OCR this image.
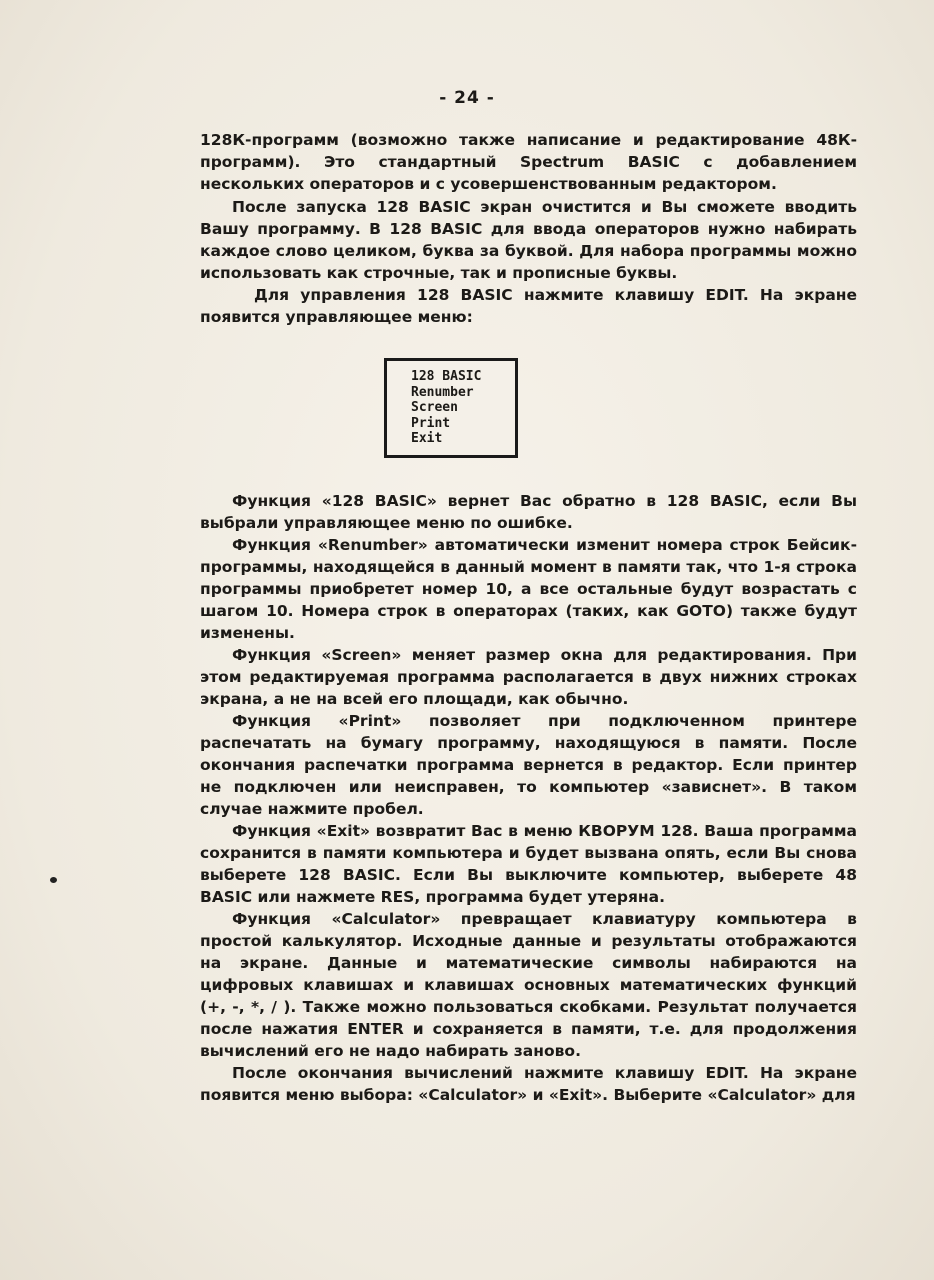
- 24 -

128К-программ (возможно также написание и редактирование 48К-программ). Это стандартный Spectrum BASIC с добавлением нескольких операторов и с усовершенствованным редактором.

После запуска 128 BASIC экран очистится и Вы сможете вводить Вашу программу. В 128 BASIC для ввода операторов нужно набирать каждое слово целиком, буква за буквой. Для набора программы можно использовать как строчные, так и прописные буквы.

Для управления 128 BASIC нажмите клавишу EDIT. На экране появится управляющее меню:

128 BASIC
Renumber
Screen
Print
Exit

Функция «128 BASIC» вернет Вас обратно в 128 BASIC, если Вы выбрали управляющее меню по ошибке.

Функция «Renumber» автоматически изменит номера строк Бейсик-программы, находящейся в данный момент в памяти так, что 1-я строка программы приобретет номер 10, а все остальные будут возрастать с шагом 10. Номера строк в операторах (таких, как GOTO) также будут изменены.

Функция «Screen» меняет размер окна для редактирования. При этом редактируемая программа располагается в двух нижних строках экрана, а не на всей его площади, как обычно.

Функция «Print» позволяет при подключенном принтере распечатать на бумагу программу, находящуюся в памяти. После окончания распечатки программа вернется в редактор. Если принтер не подключен или неисправен, то компьютер «зависнет». В таком случае нажмите пробел.

Функция «Exit» возвратит Вас в меню КВОРУМ 128. Ваша программа сохранится в памяти компьютера и будет вызвана опять, если Вы снова выберете 128 BASIC. Если Вы выключите компьютер, выберете 48 BASIC или нажмете RES, программа будет утеряна.

Функция «Calculator» превращает клавиатуру компьютера в простой калькулятор. Исходные данные и результаты отображаются на экране. Данные и математические символы набираются на цифровых клавишах и клавишах основных математических функций (+, -, *, / ). Также можно пользоваться скобками. Результат получается после нажатия ENTER и сохраняется в памяти, т.е. для продолжения вычислений его не надо набирать заново.

После окончания вычислений нажмите клавишу EDIT. На экране появится меню выбора: «Calculator» и «Exit». Выберите «Calculator» для
